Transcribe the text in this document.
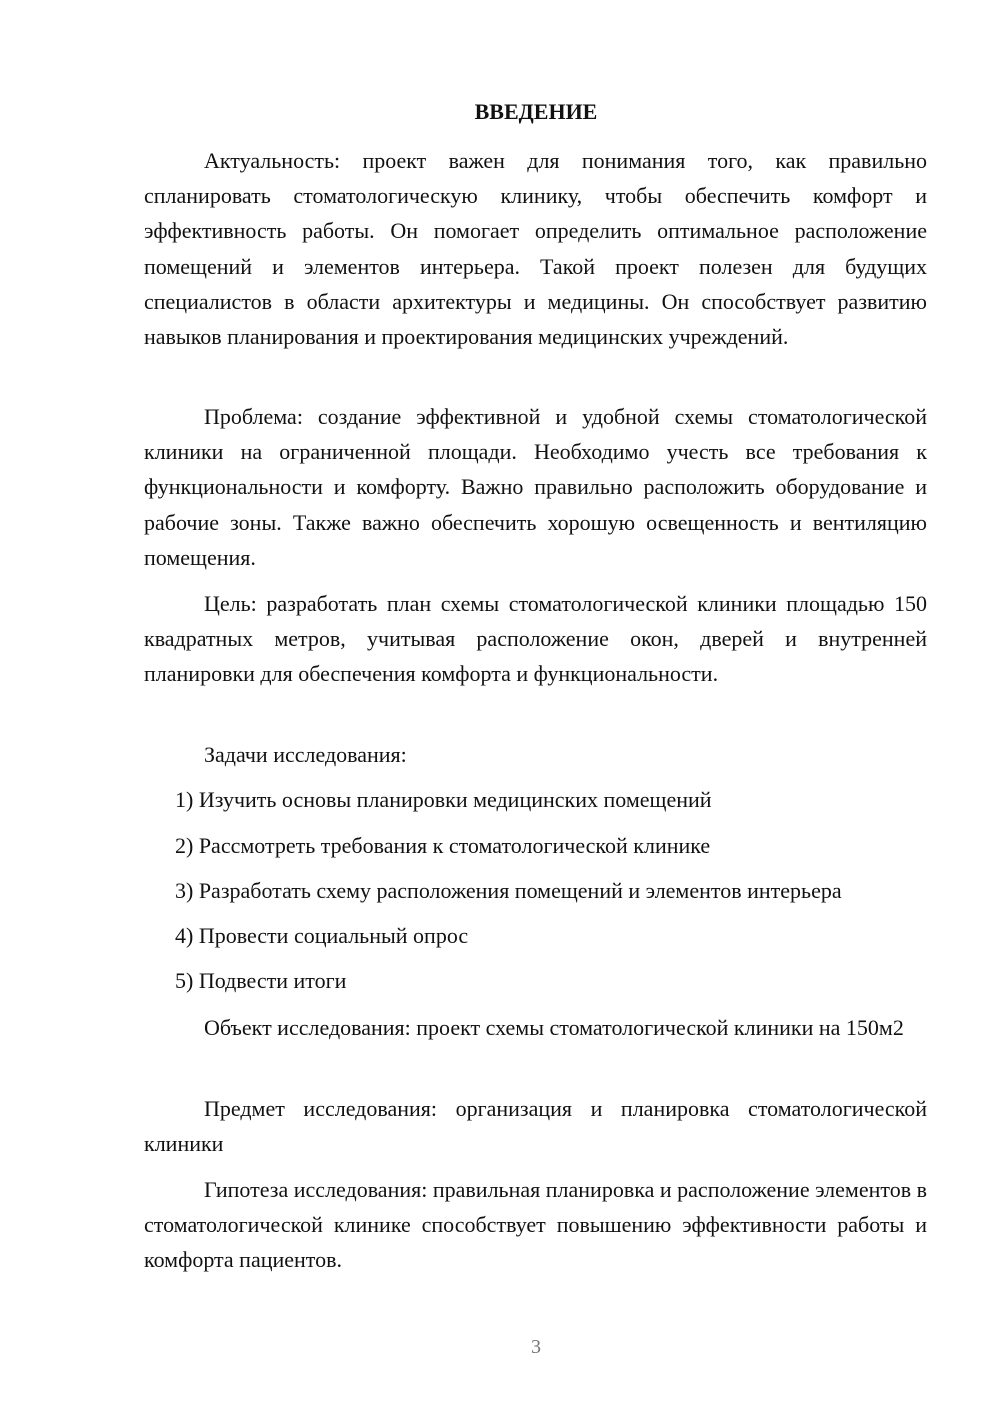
ВВЕДЕНИЕ

Актуальность: проект важен для понимания того, как правильно спланировать стоматологическую клинику, чтобы обеспечить комфорт и эффективность работы. Он помогает определить оптимальное расположение помещений и элементов интерьера. Такой проект полезен для будущих специалистов в области архитектуры и медицины. Он способствует развитию навыков планирования и проектирования медицинских учреждений.

Проблема: создание эффективной и удобной схемы стоматологической клиники на ограниченной площади. Необходимо учесть все требования к функциональности и комфорту. Важно правильно расположить оборудование и рабочие зоны. Также важно обеспечить хорошую освещенность и вентиляцию помещения.

Цель: разработать план схемы стоматологической клиники площадью 150 квадратных метров, учитывая расположение окон, дверей и внутренней планировки для обеспечения комфорта и функциональности.

Задачи исследования:

1) Изучить основы планировки медицинских помещений

2) Рассмотреть требования к стоматологической клинике

3) Разработать схему расположения помещений и элементов интерьера

4) Провести социальный опрос

5) Подвести итоги

Объект исследования: проект схемы стоматологической клиники на 150м2

Предмет исследования: организация и планировка стоматологической клиники

Гипотеза исследования: правильная планировка и расположение элементов в стоматологической клинике способствует повышению эффективности работы и комфорта пациентов.

3
